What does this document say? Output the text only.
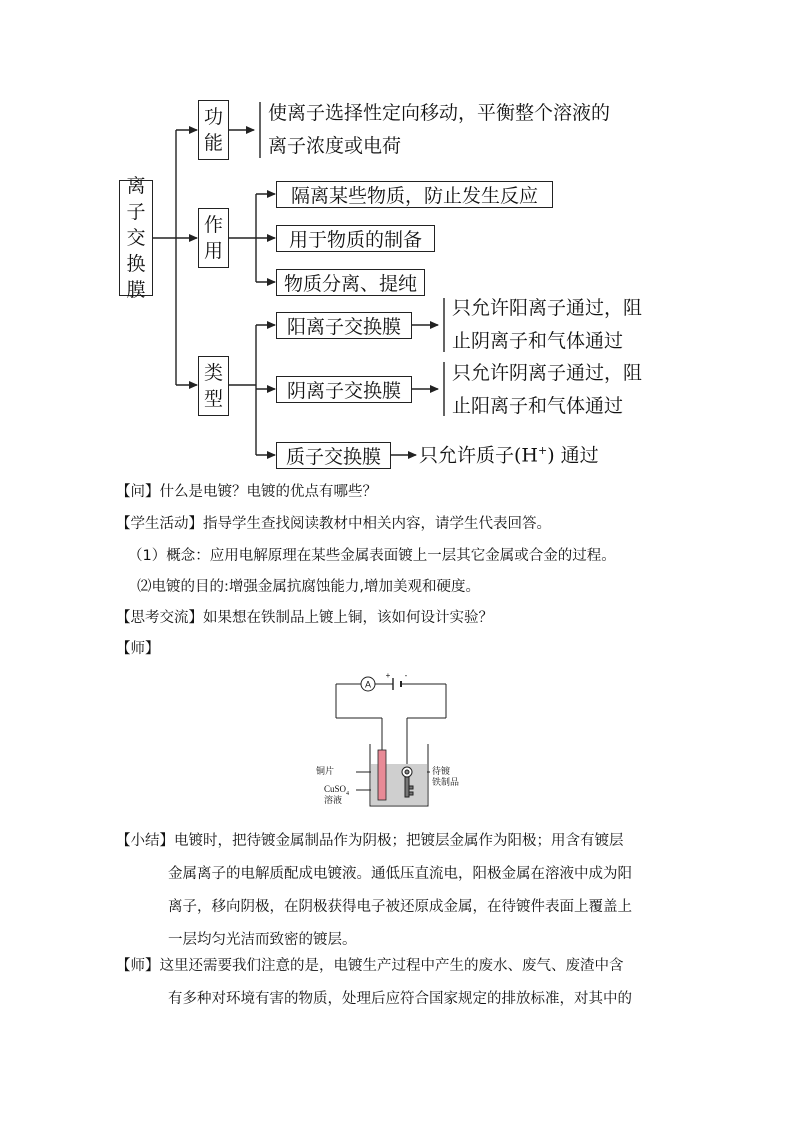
离
子
交
换
膜
功
能
使离子选择性定向移动，平衡整个溶液的
离子浓度或电荷
作
用
隔离某些物质，防止发生反应
用于物质的制备
物质分离、提纯
类
型
阳离子交换膜
只允许阳离子通过，阻
止阴离子和气体通过
阴离子交换膜
只允许阴离子通过，阻
止阳离子和气体通过
质子交换膜	只允许质子(H+) 通过
【问】什么是电镀？电镀的优点有哪些？
【学生活动】指导学生查找阅读教材中相关内容，请学生代表回答。
（1）概念：应用电解原理在某些金属表面镀上一层其它金属或合金的过程。
⑵电镀的目的:增强金属抗腐蚀能力,增加美观和硬度。
【思考交流】如果想在铁制品上镀上铜，该如何设计实验？
【师】
A
+ -
铜片
CuSO$_4$
溶液
待镀
铁制品
【小结】电镀时，把待镀金属制品作为阴极；把镀层金属作为阳极；用含有镀层
金属离子的电解质配成电镀液。通低压直流电，阳极金属在溶液中成为阳
离子，移向阴极，在阴极获得电子被还原成金属，在待镀件表面上覆盖上
一层均匀光洁而致密的镀层。
【师】这里还需要我们注意的是，电镀生产过程中产生的废水、废气、废渣中含
有多种对环境有害的物质，处理后应符合国家规定的排放标准，对其中的
